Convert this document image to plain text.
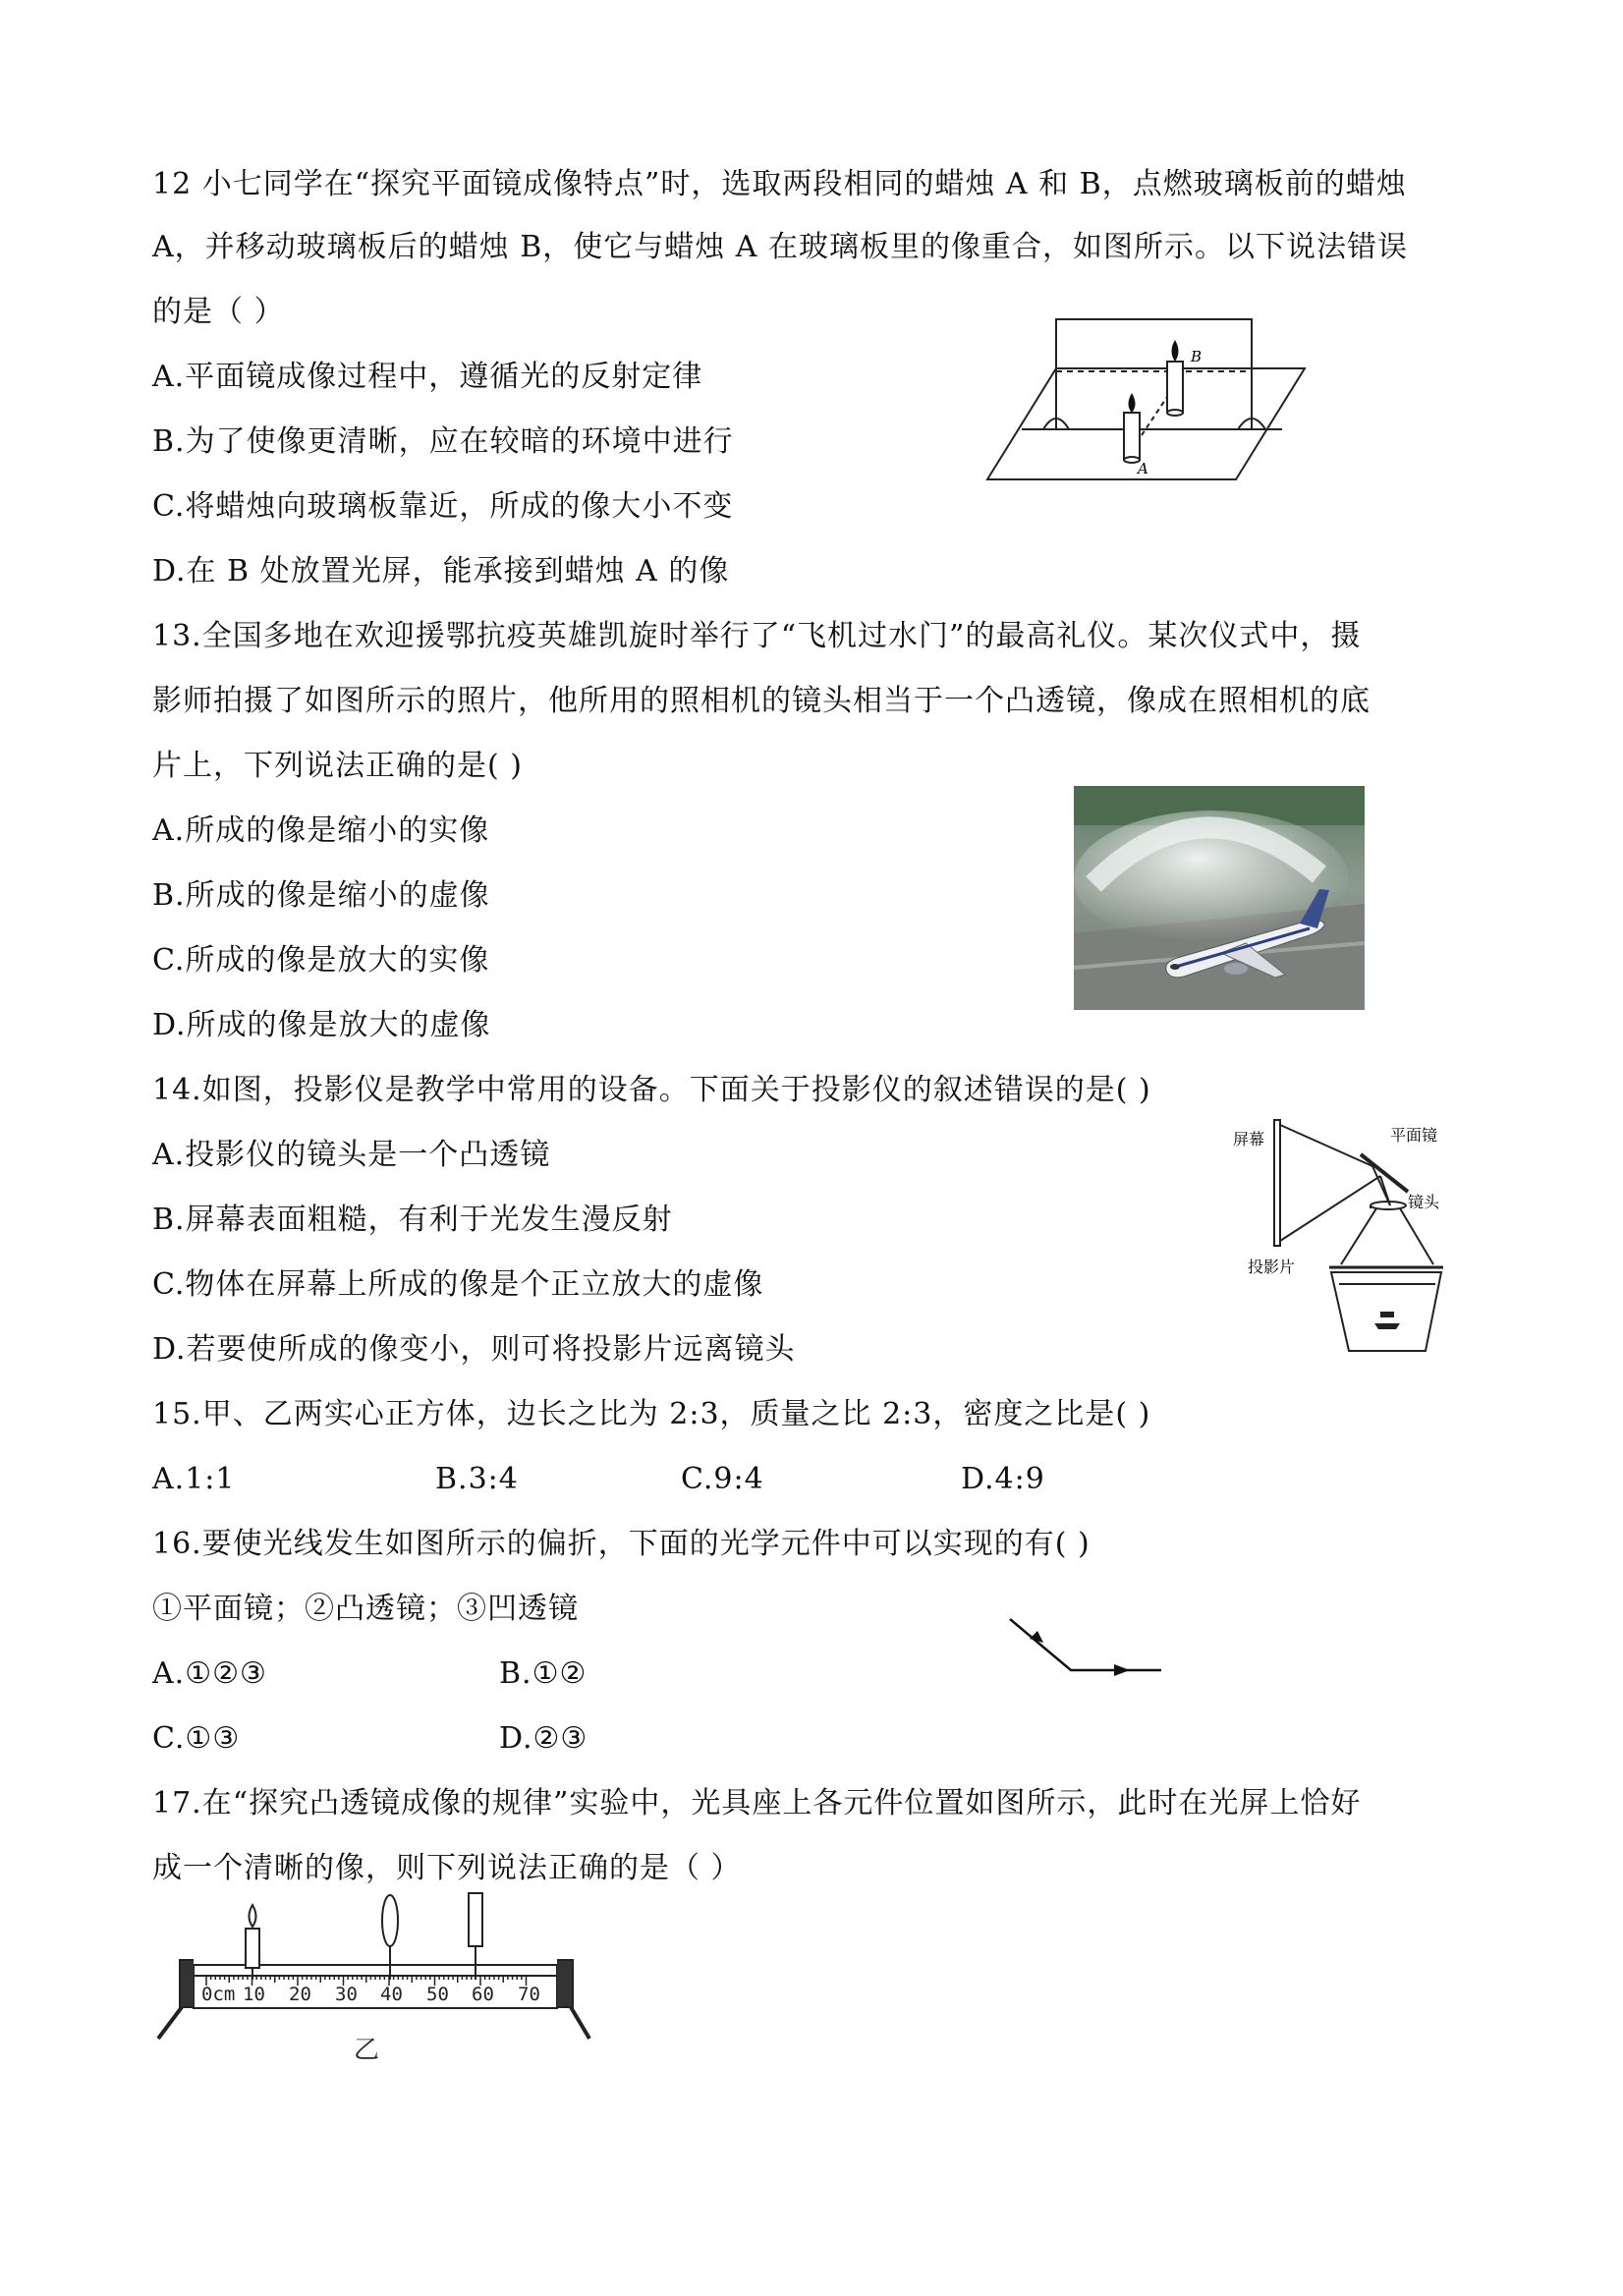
12 小七同学在“探究平面镜成像特点”时，选取两段相同的蜡烛 A 和 B，点燃玻璃板前的蜡烛
A，并移动玻璃板后的蜡烛 B，使它与蜡烛 A 在玻璃板里的像重合，如图所示。以下说法错误
的是（ ）
A.平面镜成像过程中，遵循光的反射定律
B.为了使像更清晰，应在较暗的环境中进行
C.将蜡烛向玻璃板靠近，所成的像大小不变
D.在 B 处放置光屏，能承接到蜡烛 A 的像
A
B
13.全国多地在欢迎援鄂抗疫英雄凯旋时举行了“飞机过水门”的最高礼仪。某次仪式中，摄
影师拍摄了如图所示的照片，他所用的照相机的镜头相当于一个凸透镜，像成在照相机的底
片上，下列说法正确的是( )
A.所成的像是缩小的实像
B.所成的像是缩小的虚像
C.所成的像是放大的实像
D.所成的像是放大的虚像
14.如图，投影仪是教学中常用的设备。下面关于投影仪的叙述错误的是( )
A.投影仪的镜头是一个凸透镜
B.屏幕表面粗糙，有利于光发生漫反射
C.物体在屏幕上所成的像是个正立放大的虚像
D.若要使所成的像变小，则可将投影片远离镜头
屏幕	平面镜
镜头
投影片
15.甲、乙两实心正方体，边长之比为 2:3，质量之比 2:3，密度之比是( )
A.1:1	B.3:4	C.9:4	D.4:9
16.要使光线发生如图所示的偏折，下面的光学元件中可以实现的有( )
①平面镜；②凸透镜；③凹透镜
A.①②③	B.①②
C.①③	D.②③
17.在“探究凸透镜成像的规律”实验中，光具座上各元件位置如图所示，此时在光屏上恰好
成一个清晰的像，则下列说法正确的是（ ）
0cm 10 20 30 40 50 60 70
乙
